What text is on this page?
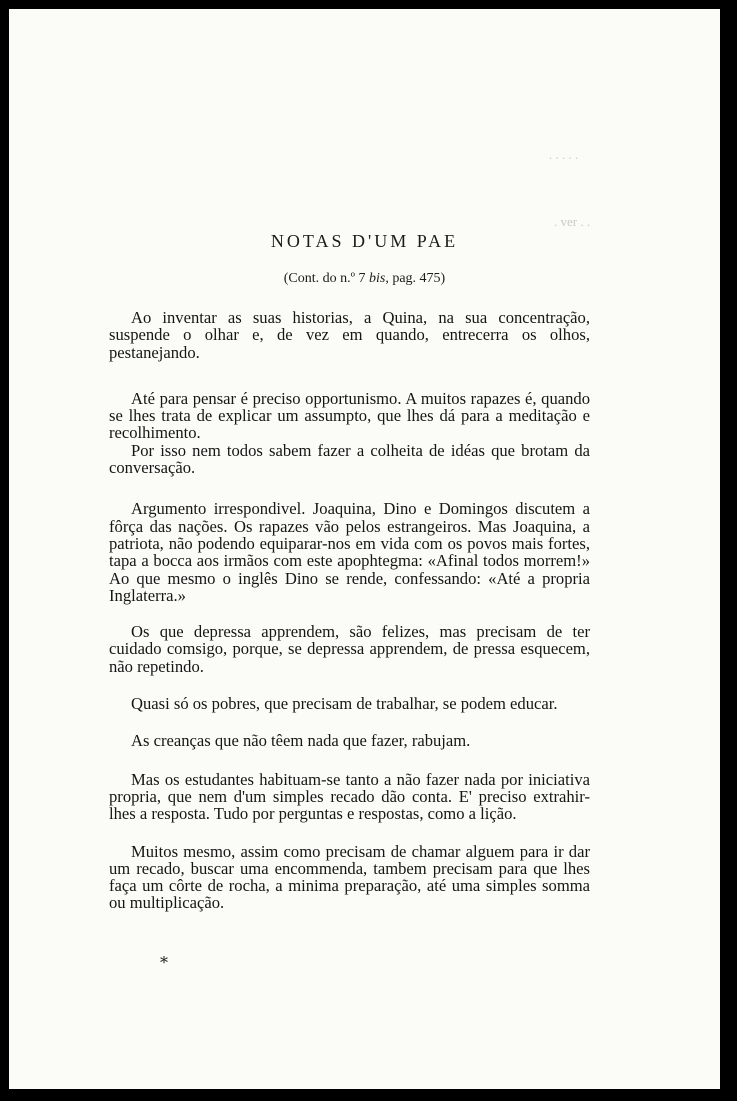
. . . . .
. ver . .
NOTAS D'UM PAE
(Cont. do n.º 7 bis, pag. 475)

Ao inventar as suas historias, a Quina, na sua concentração, suspende o olhar e, de vez em quando, entrecerra os olhos, pestanejando.

Até para pensar é preciso opportunismo. A muitos rapazes é, quando se lhes trata de explicar um assumpto, que lhes dá para a meditação e recolhimento.

Por isso nem todos sabem fazer a colheita de idéas que brotam da conversação.

Argumento irrespondivel. Joaquina, Dino e Domingos discutem a fôrça das nações. Os rapazes vão pelos estrangeiros. Mas Joaquina, a patriota, não podendo equiparar-nos em vida com os povos mais fortes, tapa a bocca aos irmãos com este apophtegma: «Afinal todos morrem!» Ao que mesmo o inglês Dino se rende, confessando: «Até a propria Inglaterra.»

Os que depressa apprendem, são felizes, mas precisam de ter cuidado comsigo, porque, se depressa apprendem, de pressa esquecem, não repetindo.

Quasi só os pobres, que precisam de trabalhar, se podem educar.

As creanças que não têem nada que fazer, rabujam.

Mas os estudantes habituam-se tanto a não fazer nada por iniciativa propria, que nem d'um simples recado dão conta. E' preciso extrahir-lhes a resposta. Tudo por perguntas e respostas, como a lição.

Muitos mesmo, assim como precisam de chamar alguem para ir dar um recado, buscar uma encommenda, tambem precisam para que lhes faça um côrte de rocha, a minima preparação, até uma simples somma ou multiplicação.

*
